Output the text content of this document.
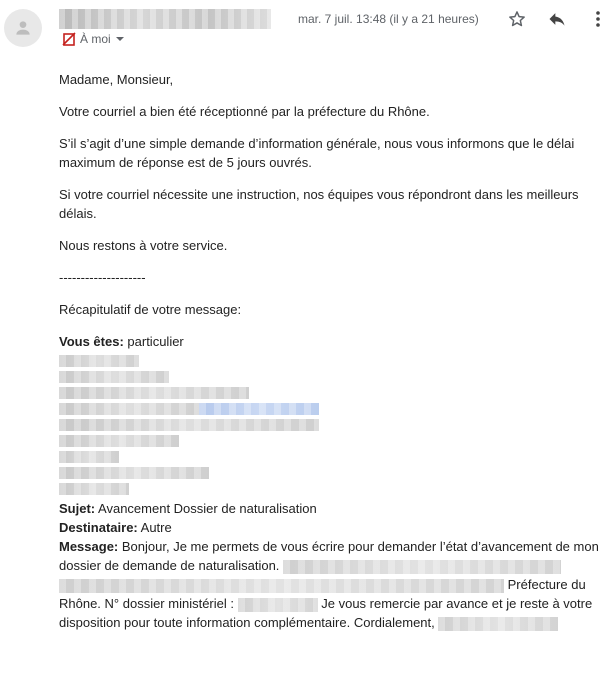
À moi
mar. 7 juil. 13:48 (il y a 21 heures)

Madame, Monsieur,

Votre courriel a bien été réceptionné par la préfecture du Rhône.

S’il s’agit d’une simple demande d’information générale, nous vous informons que le délai maximum de réponse est de 5 jours ouvrés.

Si votre courriel nécessite une instruction, nos équipes vous répondront dans les meilleurs délais.

Nous restons à votre service.

--------------------

Récapitulatif de votre message:

Vous êtes: particulier
Sujet: Avancement Dossier de naturalisation
Destinataire: Autre
Message: Bonjour, Je me permets de vous écrire pour demander l’état d’avancement de mon dossier de demande de naturalisation.   Préfecture du Rhône. N° dossier ministériel :	Je vous remercie par avance et je reste à votre disposition pour toute information complémentaire. Cordialement,
